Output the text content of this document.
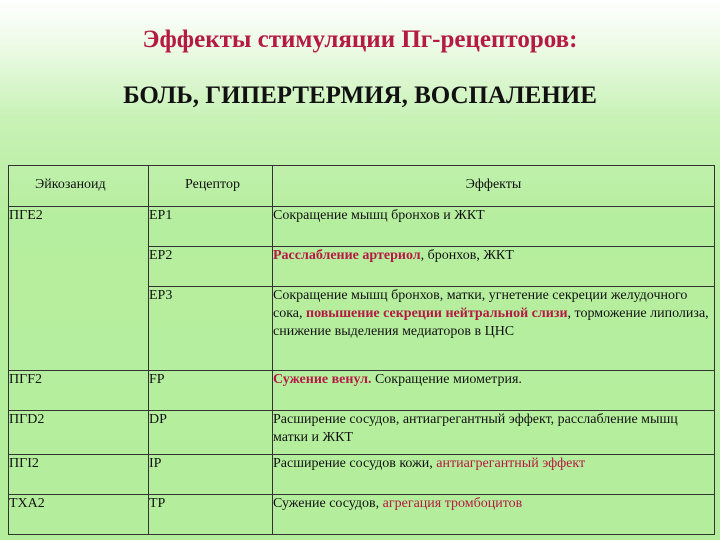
Эффекты стимуляции Пг-рецепторов:
БОЛЬ, ГИПЕРТЕРМИЯ, ВОСПАЛЕНИЕ
Эйкозаноид	Рецептор	Эффекты
ПГЕ2	ЕР1	Сокращение мышц бронхов и ЖКТ
	ЕР2	Расслабление артериол, бронхов, ЖКТ
	ЕР3	Сокращение мышц бронхов, матки, угнетение секреции желудочного сока, повышение секреции нейтральной слизи, торможение липолиза, снижение выделения медиаторов в ЦНС
ПГF2	FP	Сужение венул. Сокращение миометрия.
ПГD2	DP	Расширение сосудов, антиагрегантный эффект, расслабление мышц матки и ЖКТ
ПГI2	IP	Расширение сосудов кожи, антиагрегантный эффект
ТХА2	TP	Сужение сосудов, агрегация тромбоцитов
